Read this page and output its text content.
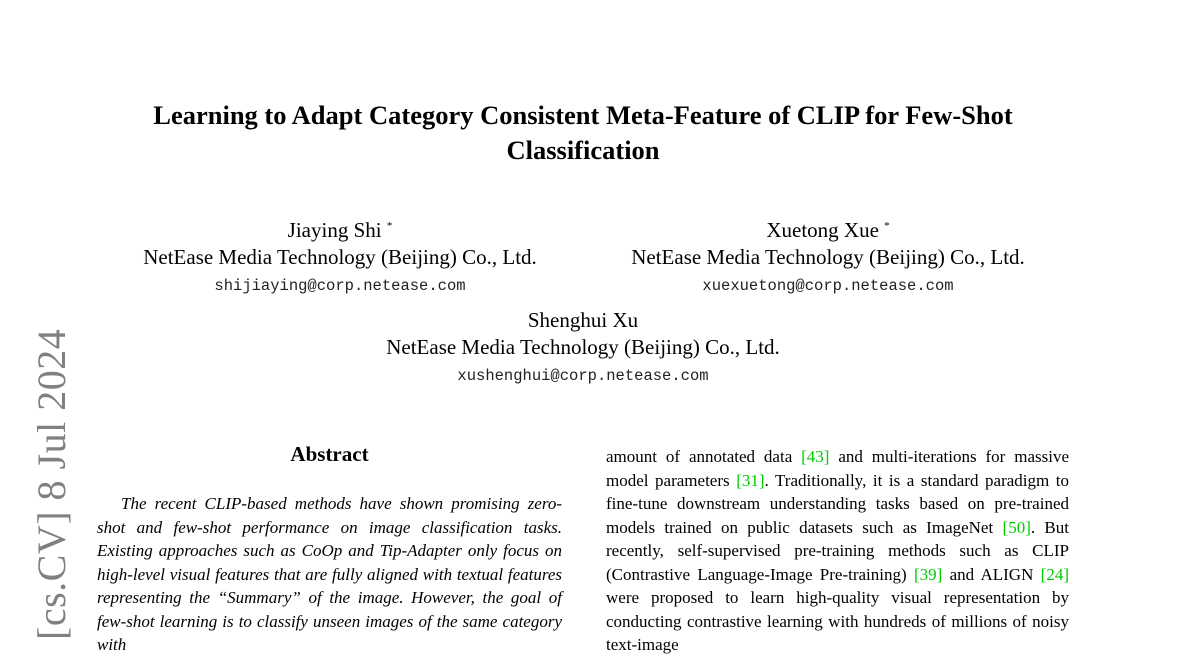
[cs.CV] 8 Jul 2024
Learning to Adapt Category Consistent Meta-Feature of CLIP for Few-Shot Classification
Jiaying Shi *
NetEase Media Technology (Beijing) Co., Ltd.
shijiaying@corp.netease.com
Xuetong Xue *
NetEase Media Technology (Beijing) Co., Ltd.
xuexuetong@corp.netease.com
Shenghui Xu
NetEase Media Technology (Beijing) Co., Ltd.
xushenghui@corp.netease.com
Abstract

The recent CLIP-based methods have shown promising zero-shot and few-shot performance on image classification tasks. Existing approaches such as CoOp and Tip-Adapter only focus on high-level visual features that are fully aligned with textual features representing the “Summary” of the image. However, the goal of few-shot learning is to classify unseen images of the same category with

amount of annotated data [43] and multi-iterations for massive model parameters [31]. Traditionally, it is a standard paradigm to fine-tune downstream understanding tasks based on pre-trained models trained on public datasets such as ImageNet [50]. But recently, self-supervised pre-training methods such as CLIP (Contrastive Language-Image Pre-training) [39] and ALIGN [24] were proposed to learn high-quality visual representation by conducting contrastive learning with hundreds of millions of noisy text-image
